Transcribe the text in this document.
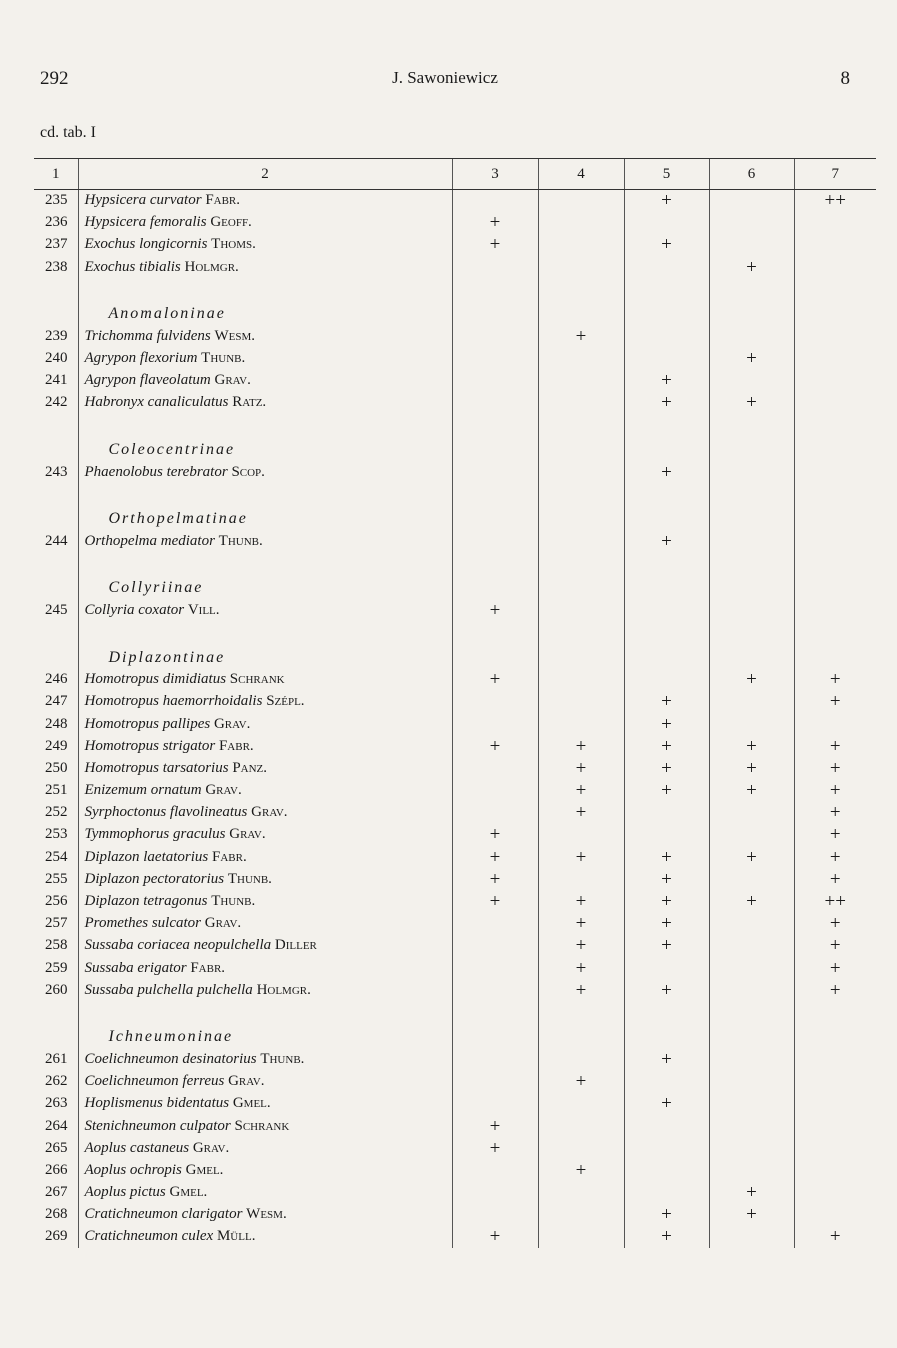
292	J. Sawoniewicz	8
cd. tab. I
1	2	3	4	5	6	7
235	Hypsicera curvator Fabr.			+		++
236	Hypsicera femoralis Geoff.	+				
237	Exochus longicornis Thoms.	+		+		
238	Exochus tibialis Holmgr.				+	

	Anomaloninae					
239	Trichomma fulvidens Wesm.		+			
240	Agrypon flexorium Thunb.				+	
241	Agrypon flaveolatum Grav.			+		
242	Habronyx canaliculatus Ratz.			+	+	

	Coleocentrinae					
243	Phaenolobus terebrator Scop.			+		

	Orthopelmatinae					
244	Orthopelma mediator Thunb.			+		

	Collyriinae					
245	Collyria coxator Vill.	+				

	Diplazontinae					
246	Homotropus dimidiatus Schrank	+			+	+
247	Homotropus haemorrhoidalis Szépl.			+		+
248	Homotropus pallipes Grav.			+		
249	Homotropus strigator Fabr.	+	+	+	+	+
250	Homotropus tarsatorius Panz.		+	+	+	+
251	Enizemum ornatum Grav.		+	+	+	+
252	Syrphoctonus flavolineatus Grav.		+			+
253	Tymmophorus graculus Grav.	+				+
254	Diplazon laetatorius Fabr.	+	+	+	+	+
255	Diplazon pectoratorius Thunb.	+		+		+
256	Diplazon tetragonus Thunb.	+	+	+	+	++
257	Promethes sulcator Grav.		+	+		+
258	Sussaba coriacea neopulchella Diller		+	+		+
259	Sussaba erigator Fabr.		+			+
260	Sussaba pulchella pulchella Holmgr.		+	+		+

	Ichneumoninae					
261	Coelichneumon desinatorius Thunb.			+		
262	Coelichneumon ferreus Grav.		+			
263	Hoplismenus bidentatus Gmel.			+		
264	Stenichneumon culpator Schrank	+				
265	Aoplus castaneus Grav.	+				
266	Aoplus ochropis Gmel.		+			
267	Aoplus pictus Gmel.				+	
268	Cratichneumon clarigator Wesm.			+	+	
269	Cratichneumon culex Müll.	+		+		+
